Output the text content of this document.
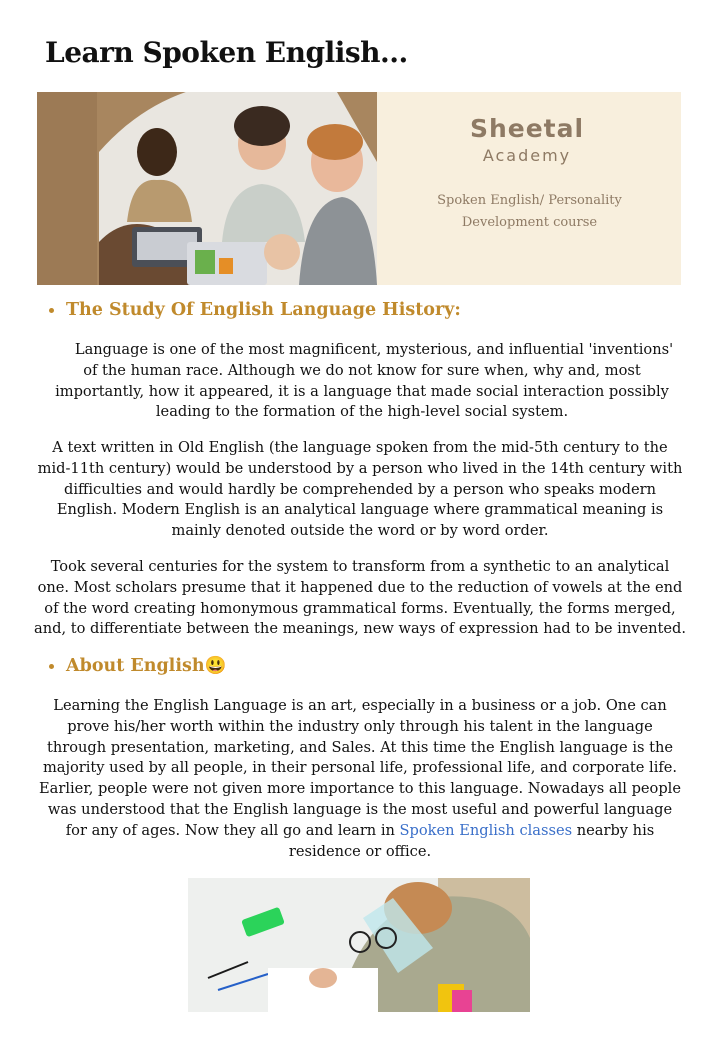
Learn Spoken English...
Sheetal
Academy
Spoken English/ Personality
Development course
The Study Of English Language History:

Language is one of the most magnificent, mysterious, and influential 'inventions' of the human race. Although we do not know for sure when, why and, most importantly, how it appeared, it is a language that made social interaction possibly leading to the formation of the high-level social system.

A text written in Old English (the language spoken from the mid-5th century to the mid-11th century) would be understood by a person who lived in the 14th century with difficulties and would hardly be comprehended by a person who speaks modern English. Modern English is an analytical language where grammatical meaning is mainly denoted outside the word or by word order.

Took several centuries for the system to transform from a synthetic to an analytical one. Most scholars presume that it happened due to the reduction of vowels at the end of the word creating homonymous grammatical forms. Eventually, the forms merged, and, to differentiate between the meanings, new ways of expression had to be invented.

About English😃

Learning the English Language is an art, especially in a business or a job. One can prove his/her worth within the industry only through his talent in the language through presentation, marketing, and Sales. At this time the English language is the majority used by all people, in their personal life, professional life, and corporate life. Earlier, people were not given more importance to this language. Nowadays all people was understood that the English language is the most useful and powerful language for any of ages. Now they all go and learn in Spoken English classes nearby his residence or office.
